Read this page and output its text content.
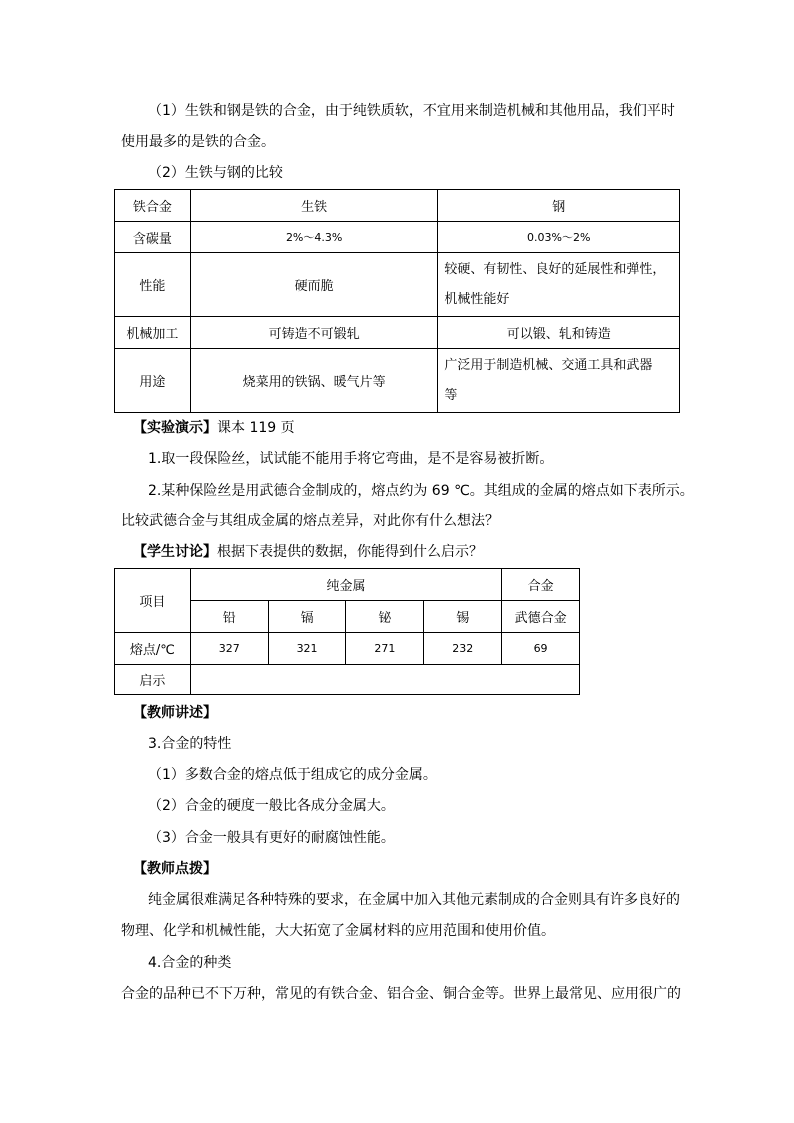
（1）生铁和钢是铁的合金，由于纯铁质软，不宜用来制造机械和其他用品，我们平时
使用最多的是铁的合金。
（2）生铁与钢的比较
铁合金	生铁	钢
含碳量	2%～4.3%	0.03%～2%
性能	硬而脆	较硬、有韧性、良好的延展性和弹性，
机械性能好

机械加工	可铸造不可锻轧	可以锻、轧和铸造
用途	烧菜用的铁锅、暖气片等	广泛用于制造机械、交通工具和武器
等
【实验演示】课本 119 页
1.取一段保险丝，试试能不能用手将它弯曲，是不是容易被折断。
2.某种保险丝是用武德合金制成的，熔点约为 69 ℃。其组成的金属的熔点如下表所示。
比较武德合金与其组成金属的熔点差异，对此你有什么想法？
【学生讨论】根据下表提供的数据，你能得到什么启示？
项目	纯金属				合金
	铅	镉	铋	锡	武德合金
熔点/℃	327	321	271	232	69
启示					
【教师讲述】
3.合金的特性
（1）多数合金的熔点低于组成它的成分金属。
（2）合金的硬度一般比各成分金属大。
（3）合金一般具有更好的耐腐蚀性能。
【教师点拨】
纯金属很难满足各种特殊的要求，在金属中加入其他元素制成的合金则具有许多良好的
物理、化学和机械性能，大大拓宽了金属材料的应用范围和使用价值。
4.合金的种类
合金的品种已不下万种，常见的有铁合金、铝合金、铜合金等。世界上最常见、应用很广的
